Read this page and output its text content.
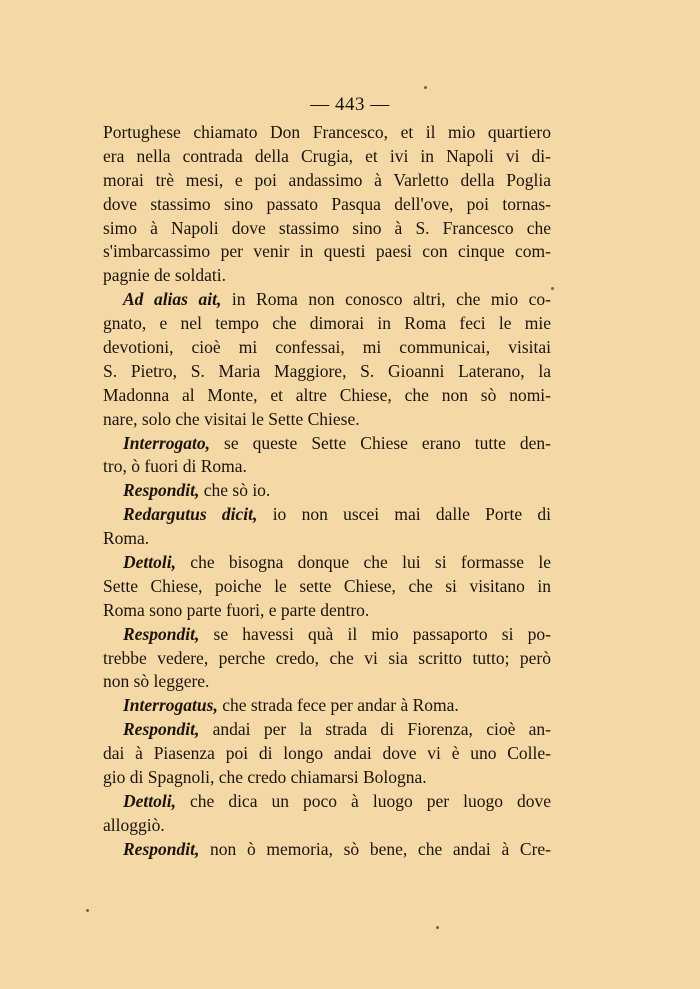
— 443 —
Portughese chiamato Don Francesco, et il mio quartiero
era nella contrada della Crugia, et ivi in Napoli vi di-
morai trè mesi, e poi andassimo à Varletto della Poglia
dove stassimo sino passato Pasqua dell'ove, poi tornas-
simo à Napoli dove stassimo sino à S. Francesco che
s'imbarcassimo per venir in questi paesi con cinque com-
pagnie de soldati.
Ad alias ait, in Roma non conosco altri, che mio co-
gnato, e nel tempo che dimorai in Roma feci le mie
devotioni, cioè mi confessai, mi communicai, visitai
S. Pietro, S. Maria Maggiore, S. Gioanni Laterano, la
Madonna al Monte, et altre Chiese, che non sò nomi-
nare, solo che visitai le Sette Chiese.
Interrogato, se queste Sette Chiese erano tutte den-
tro, ò fuori di Roma.
Respondit, che sò io.
Redargutus dicit, io non uscei mai dalle Porte di
Roma.
Dettoli, che bisogna donque che lui si formasse le
Sette Chiese, poiche le sette Chiese, che si visitano in
Roma sono parte fuori, e parte dentro.
Respondit, se havessi quà il mio passaporto si po-
trebbe vedere, perche credo, che vi sia scritto tutto; però
non sò leggere.
Interrogatus, che strada fece per andar à Roma.
Respondit, andai per la strada di Fiorenza, cioè an-
dai à Piasenza poi di longo andai dove vi è uno Colle-
gio di Spagnoli, che credo chiamarsi Bologna.
Dettoli, che dica un poco à luogo per luogo dove
alloggiò.
Respondit, non ò memoria, sò bene, che andai à Cre-
